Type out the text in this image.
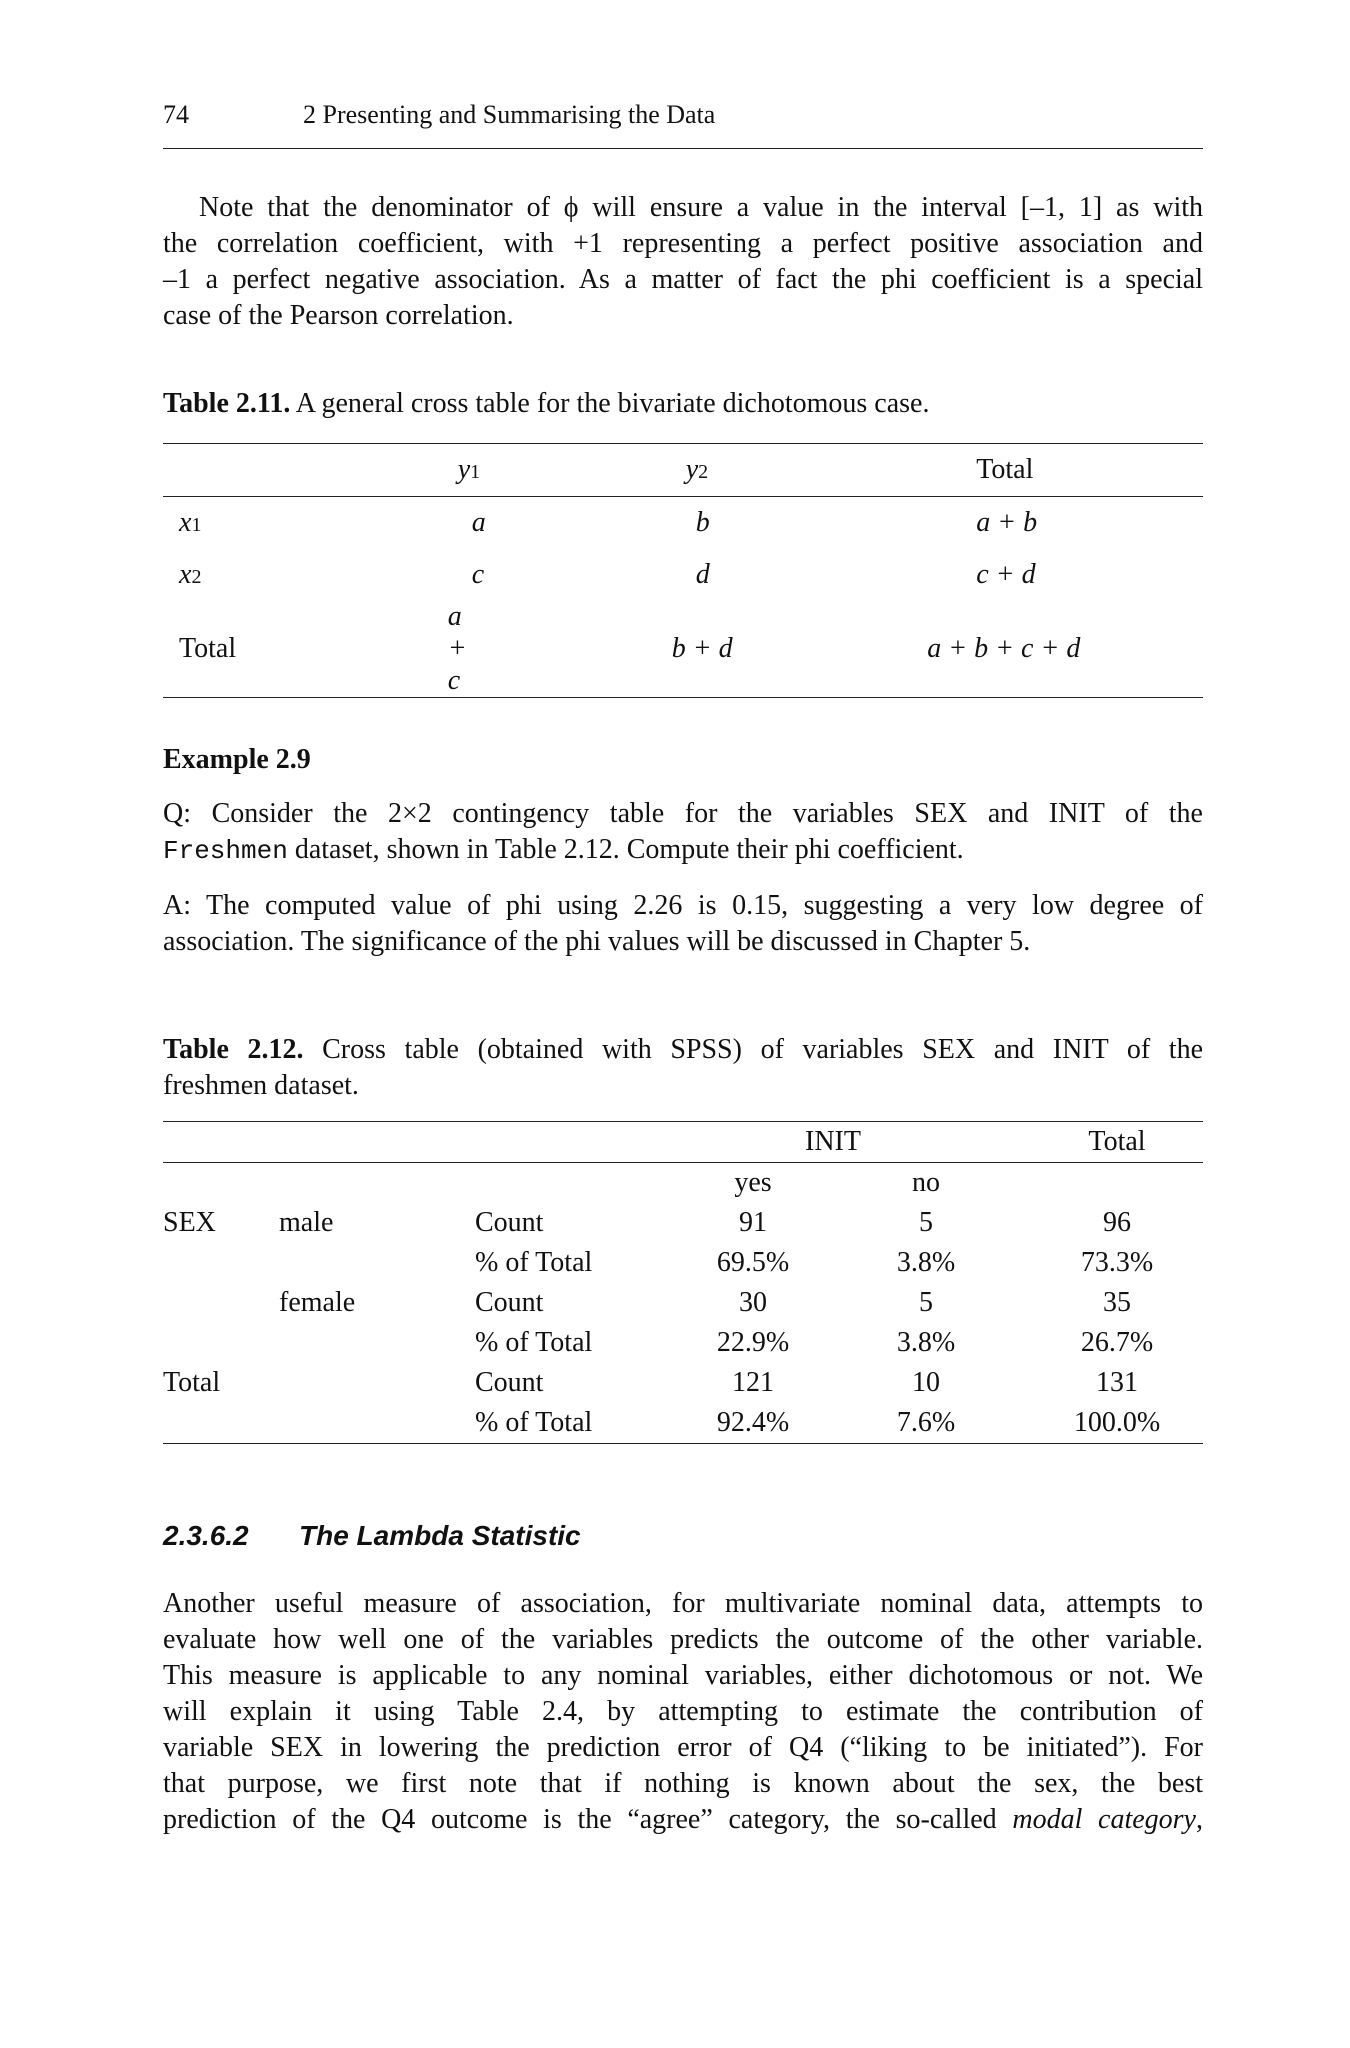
74	2 Presenting and Summarising the Data
Note that the denominator of ϕ will ensure a value in the interval [–1, 1] as with
the correlation coefficient, with +1 representing a perfect positive association and
–1 a perfect negative association. As a matter of fact the phi coefficient is a special
case of the Pearson correlation.
Table 2.11. A general cross table for the bivariate dichotomous case.
	y1	y2	Total
x1	a	b	a + b
x2	c	d	c + d
Total	a + c	b + d	a + b + c + d
Example 2.9
Q: Consider the 2×2 contingency table for the variables SEX and INIT of the
Freshmen dataset, shown in Table 2.12. Compute their phi coefficient.
A: The computed value of phi using 2.26 is 0.15, suggesting a very low degree of
association. The significance of the phi values will be discussed in Chapter 5.
Table 2.12. Cross table (obtained with SPSS) of variables SEX and INIT of the
freshmen dataset.
			INIT		Total
			yes	no	
SEX	male	Count	91	5	96
		% of Total	69.5%	3.8%	73.3%
	female	Count	30	5	35
		% of Total	22.9%	3.8%	26.7%
Total		Count	121	10	131
		% of Total	92.4%	7.6%	100.0%
2.3.6.2 The Lambda Statistic
Another useful measure of association, for multivariate nominal data, attempts to
evaluate how well one of the variables predicts the outcome of the other variable.
This measure is applicable to any nominal variables, either dichotomous or not. We
will explain it using Table 2.4, by attempting to estimate the contribution of
variable SEX in lowering the prediction error of Q4 (“liking to be initiated”). For
that purpose, we first note that if nothing is known about the sex, the best
prediction of the Q4 outcome is the “agree” category, the so-called modal category,
